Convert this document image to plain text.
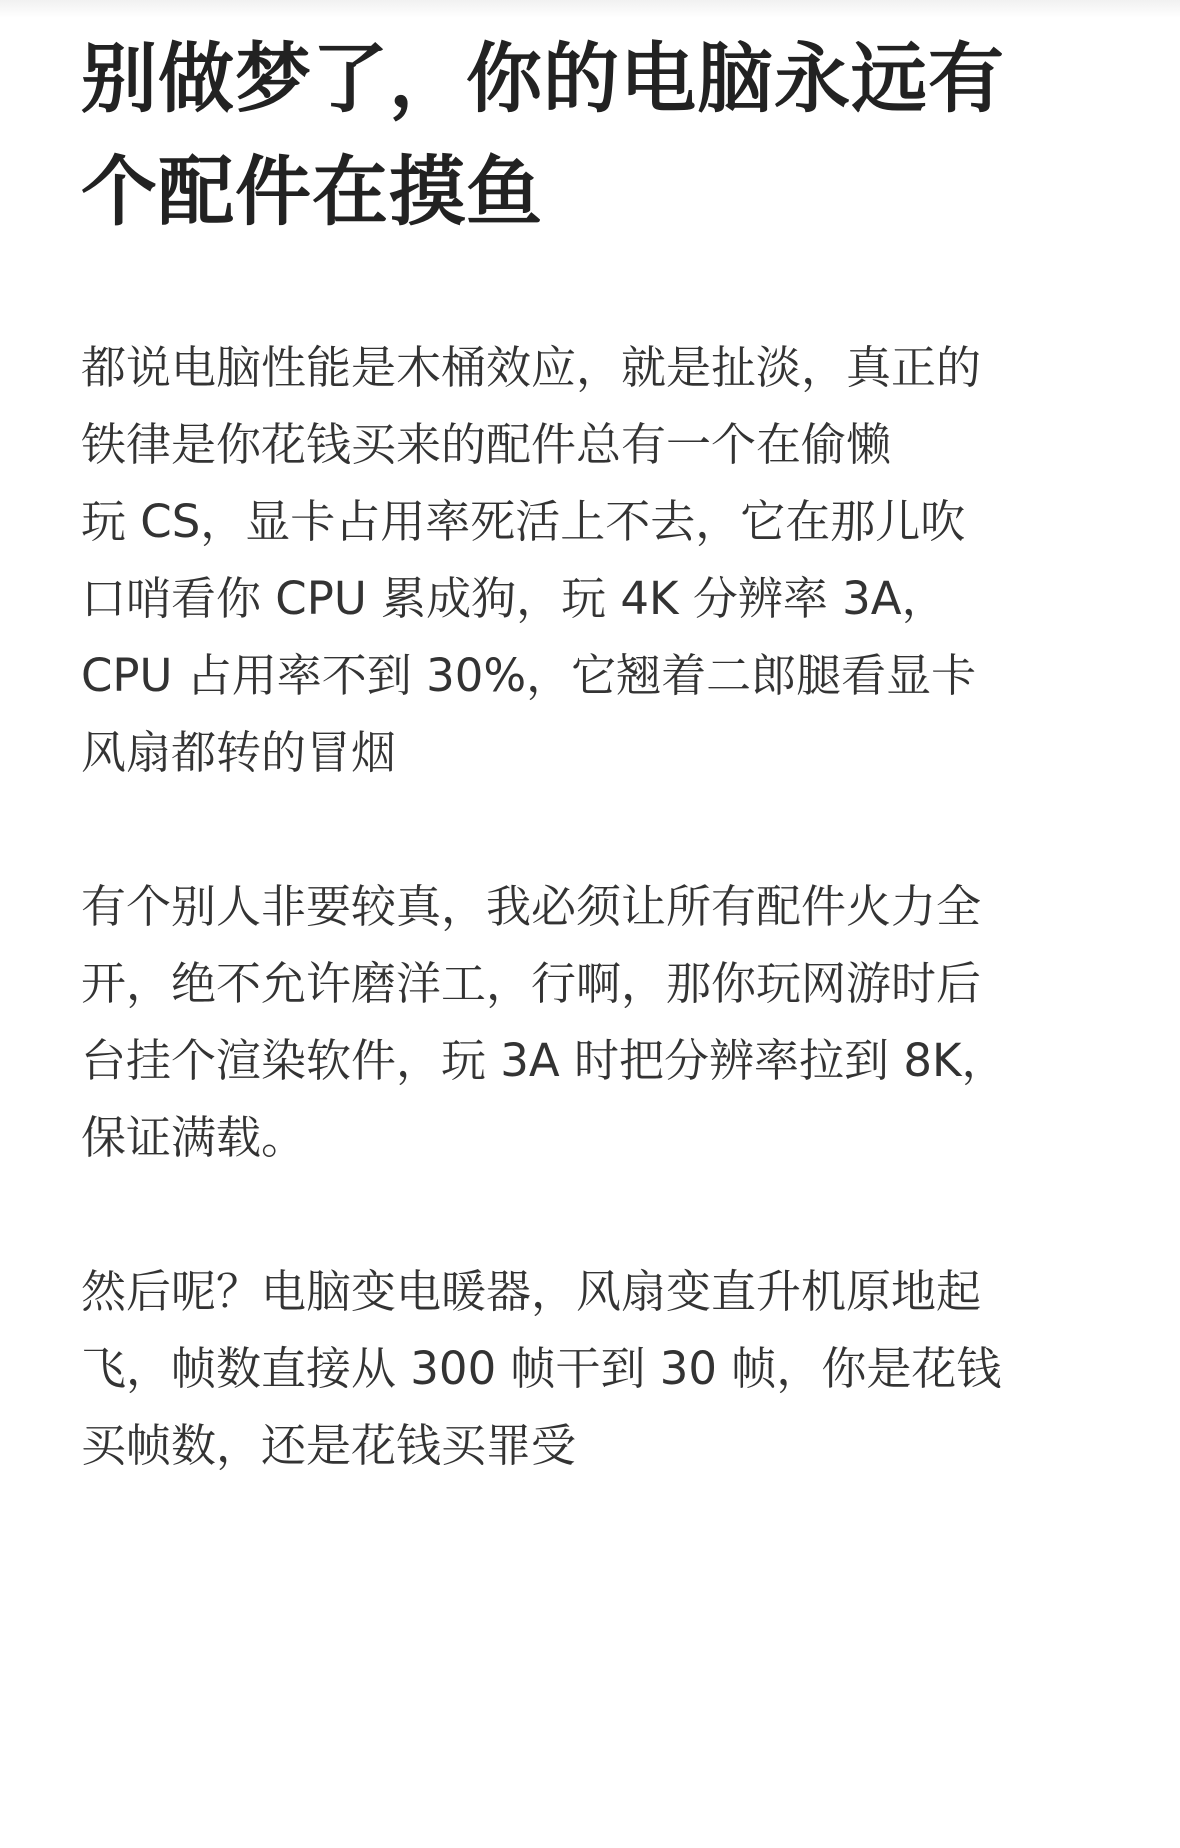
别做梦了，你的电脑永远有
个配件在摸鱼

都说电脑性能是木桶效应，就是扯淡，真正的
铁律是你花钱买来的配件总有一个在偷懒
玩 CS，显卡占用率死活上不去，它在那儿吹
口哨看你 CPU 累成狗，玩 4K 分辨率 3A，
CPU 占用率不到 30%，它翘着二郎腿看显卡
风扇都转的冒烟

有个别人非要较真，我必须让所有配件火力全
开，绝不允许磨洋工，行啊，那你玩网游时后
台挂个渲染软件，玩 3A 时把分辨率拉到 8K，
保证满载。

然后呢？电脑变电暖器，风扇变直升机原地起
飞，帧数直接从 300 帧干到 30 帧，你是花钱
买帧数，还是花钱买罪受
